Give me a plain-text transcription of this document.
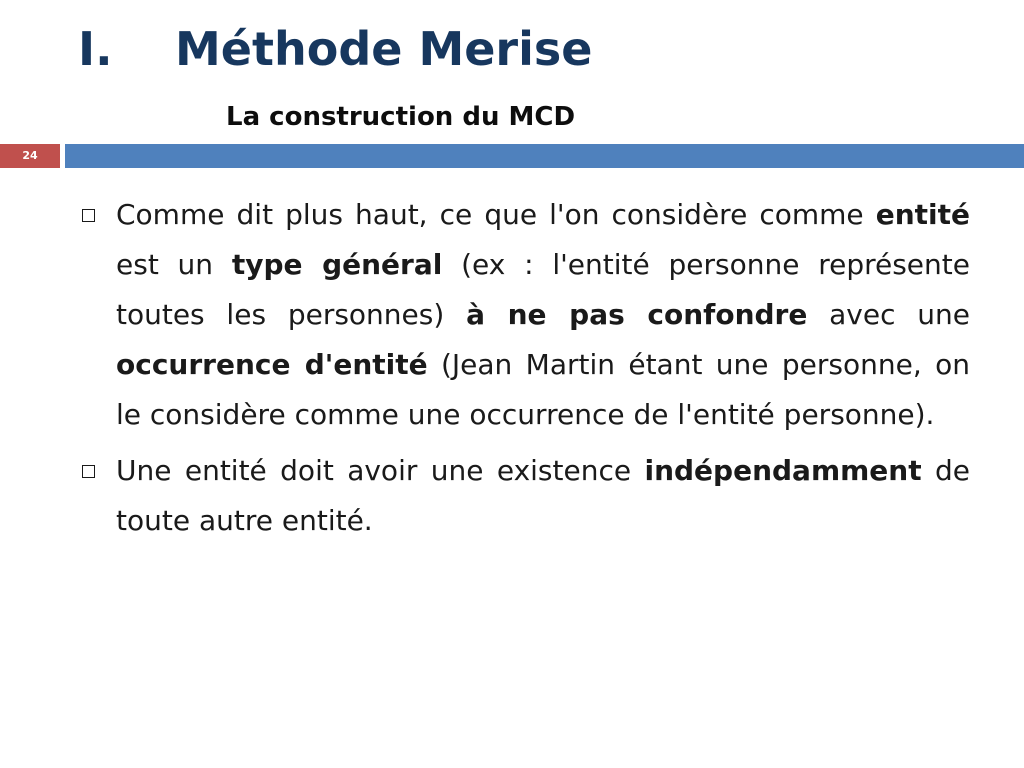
I. Méthode Merise
La construction du MCD
24
Comme dit plus haut, ce que l'on considère comme entité est un type général (ex : l'entité personne représente toutes les personnes) à ne pas confondre avec une occurrence d'entité (Jean Martin étant une personne, on le considère comme une occurrence de l'entité personne).
Une entité doit avoir une existence indépendamment de toute autre entité.
